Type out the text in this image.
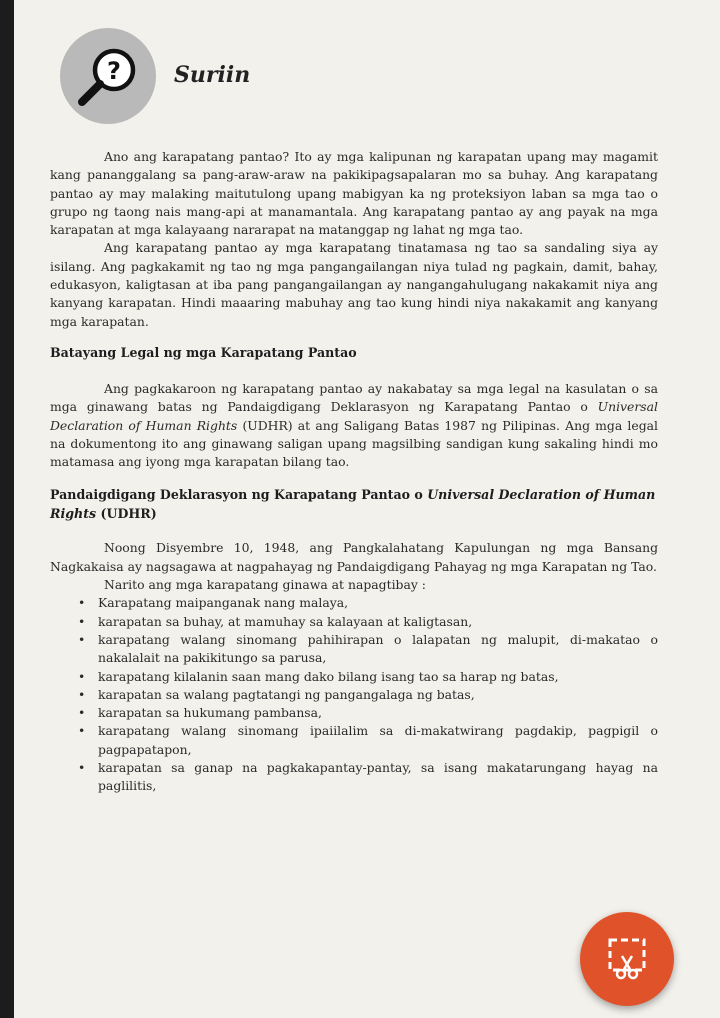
? Suriin

Ano ang karapatang pantao? Ito ay mga kalipunan ng karapatan upang may magamit kang pananggalang sa pang-araw-araw na pakikipagsapalaran mo sa buhay. Ang karapatang pantao ay may malaking maitutulong upang mabigyan ka ng proteksiyon laban sa mga tao o grupo ng taong nais mang-api at manamantala. Ang karapatang pantao ay ang payak na mga karapatan at mga kalayaang nararapat na matanggap ng lahat ng mga tao.

Ang karapatang pantao ay mga karapatang tinatamasa ng tao sa sandaling siya ay isilang. Ang pagkakamit ng tao ng mga pangangailangan niya tulad ng pagkain, damit, bahay, edukasyon, kaligtasan at iba pang pangangailangan ay nangangahulugang nakakamit niya ang kanyang karapatan. Hindi maaaring mabuhay ang tao kung hindi niya nakakamit ang kanyang mga karapatan.

Batayang Legal ng mga Karapatang Pantao

Ang pagkakaroon ng karapatang pantao ay nakabatay sa mga legal na kasulatan o sa mga ginawang batas ng Pandaigdigang Deklarasyon ng Karapatang Pantao o Universal Declaration of Human Rights (UDHR) at ang Saligang Batas 1987 ng Pilipinas. Ang mga legal na dokumentong ito ang ginawang saligan upang magsilbing sandigan kung sakaling hindi mo matamasa ang iyong mga karapatan bilang tao.

Pandaigdigang Deklarasyon ng Karapatang Pantao o Universal Declaration of Human Rights (UDHR)

Noong Disyembre 10, 1948, ang Pangkalahatang Kapulungan ng mga Bansang Nagkakaisa ay nagsagawa at nagpahayag ng Pandaigdigang Pahayag ng mga Karapatan ng Tao.

Narito ang mga karapatang ginawa at napagtibay :

• Karapatang maipanganak nang malaya,
• karapatan sa buhay, at mamuhay sa kalayaan at kaligtasan,
• karapatang walang sinomang pahihirapan o lalapatan ng malupit, di-makatao o nakalalait na pakikitungo sa parusa,
• karapatang kilalanin saan mang dako bilang isang tao sa harap ng batas,
• karapatan sa walang pagtatangi ng pangangalaga ng batas,
• karapatan sa hukumang pambansa,
• karapatang walang sinomang ipaiilalim sa di-makatwirang pagdakip, pagpigil o pagpapatapon,
• karapatan sa ganap na pagkakapantay-pantay, sa isang makatarungang hayag na paglilitis,
